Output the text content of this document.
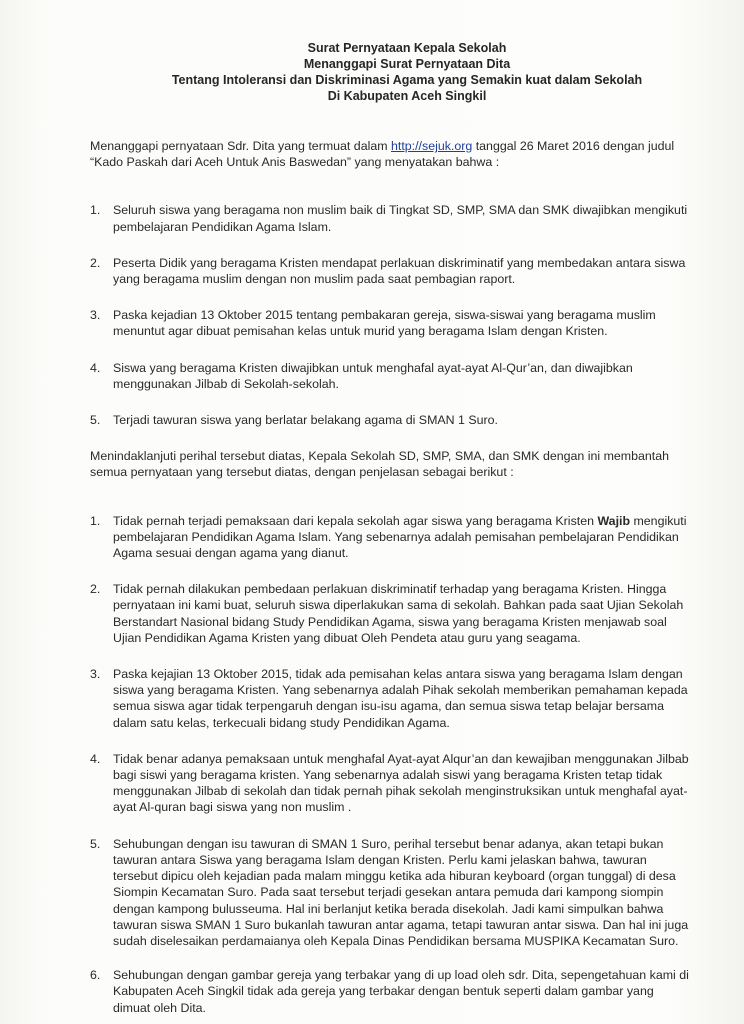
Surat Pernyataan Kepala Sekolah
Menanggapi Surat Pernyataan Dita
Tentang Intoleransi dan Diskriminasi Agama yang Semakin kuat dalam Sekolah
Di Kabupaten Aceh Singkil

Menanggapi pernyataan Sdr. Dita yang termuat dalam http://sejuk.org tanggal 26 Maret 2016 dengan judul “Kado Paskah dari Aceh Untuk Anis Baswedan” yang menyatakan bahwa :

1. Seluruh siswa yang beragama non muslim baik di Tingkat SD, SMP, SMA dan SMK diwajibkan mengikuti pembelajaran Pendidikan Agama Islam.
2. Peserta Didik yang beragama Kristen mendapat perlakuan diskriminatif yang membedakan antara siswa yang beragama muslim dengan non muslim pada saat pembagian raport.
3. Paska kejadian 13 Oktober 2015 tentang pembakaran gereja, siswa-siswai yang beragama muslim menuntut agar dibuat pemisahan kelas untuk murid yang beragama Islam dengan Kristen.
4. Siswa yang beragama Kristen diwajibkan untuk menghafal ayat-ayat Al-Qur’an, dan diwajibkan menggunakan Jilbab di Sekolah-sekolah.
5. Terjadi tawuran siswa yang berlatar belakang agama di SMAN 1 Suro.

Menindaklanjuti perihal tersebut diatas, Kepala Sekolah SD, SMP, SMA, dan SMK dengan ini membantah semua pernyataan yang tersebut diatas, dengan penjelasan sebagai berikut :

1. Tidak pernah terjadi pemaksaan dari kepala sekolah agar siswa yang beragama Kristen Wajib mengikuti pembelajaran Pendidikan Agama Islam. Yang sebenarnya adalah pemisahan pembelajaran Pendidikan Agama sesuai dengan agama yang dianut.
2. Tidak pernah dilakukan pembedaan perlakuan diskriminatif terhadap yang beragama Kristen. Hingga pernyataan ini kami buat, seluruh siswa diperlakukan sama di sekolah. Bahkan pada saat Ujian Sekolah Berstandart Nasional bidang Study Pendidikan Agama, siswa yang beragama Kristen menjawab soal Ujian Pendidikan Agama Kristen yang dibuat Oleh Pendeta atau guru yang seagama.
3. Paska kejajian 13 Oktober 2015, tidak ada pemisahan kelas antara siswa yang beragama Islam dengan siswa yang beragama Kristen. Yang sebenarnya adalah Pihak sekolah memberikan pemahaman kepada semua siswa agar tidak terpengaruh dengan isu-isu agama, dan semua siswa tetap belajar bersama dalam satu kelas, terkecuali bidang study Pendidikan Agama.
4. Tidak benar adanya pemaksaan untuk menghafal Ayat-ayat Alqur’an dan kewajiban menggunakan Jilbab bagi siswi yang beragama kristen. Yang sebenarnya adalah siswi yang beragama Kristen tetap tidak menggunakan Jilbab di sekolah dan tidak pernah pihak sekolah menginstruksikan untuk menghafal ayat-ayat Al-quran bagi siswa yang non muslim .
5. Sehubungan dengan isu tawuran di SMAN 1 Suro, perihal tersebut benar adanya, akan tetapi bukan tawuran antara Siswa yang beragama Islam dengan Kristen. Perlu kami jelaskan bahwa, tawuran tersebut dipicu oleh kejadian pada malam minggu ketika ada hiburan keyboard (organ tunggal) di desa Siompin Kecamatan Suro. Pada saat tersebut terjadi gesekan antara pemuda dari kampong siompin dengan kampong bulusseuma. Hal ini berlanjut ketika berada disekolah. Jadi kami simpulkan bahwa tawuran siswa SMAN 1 Suro bukanlah tawuran antar agama, tetapi tawuran antar siswa. Dan hal ini juga sudah diselesaikan perdamaianya oleh Kepala Dinas Pendidikan bersama MUSPIKA Kecamatan Suro.
6. Sehubungan dengan gambar gereja yang terbakar yang di up load oleh sdr. Dita, sepengetahuan kami di Kabupaten Aceh Singkil tidak ada gereja yang terbakar dengan bentuk seperti dalam gambar yang dimuat oleh Dita.
